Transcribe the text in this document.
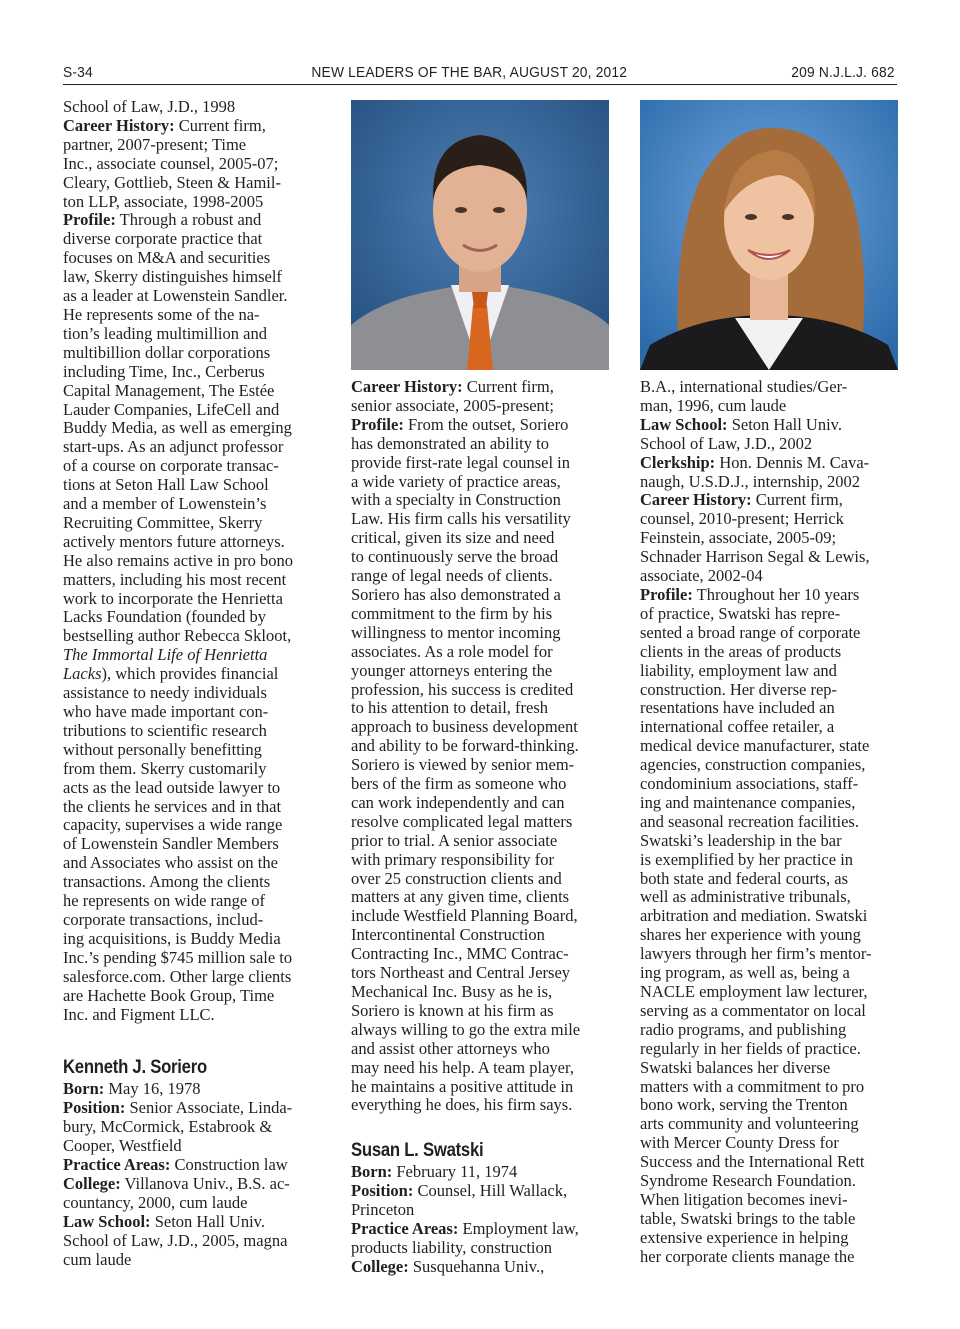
S-34	NEW LEADERS OF THE BAR, AUGUST 20, 2012	209 N.J.L.J. 682

School of Law, J.D., 1998

Career History: Current firm,

partner, 2007-present; Time

Inc., associate counsel, 2005-07;

Cleary, Gottlieb, Steen & Hamil-

ton LLP, associate, 1998-2005

Profile: Through a robust and

diverse corporate practice that

focuses on M&A and securities

law, Skerry distinguishes himself

as a leader at Lowenstein Sandler.

He represents some of the na-

tion’s leading multimillion and

multibillion dollar corporations

including Time, Inc., Cerberus

Capital Management, The Estée

Lauder Companies, LifeCell and

Buddy Media, as well as emerging

start-ups. As an adjunct professor

of a course on corporate transac-

tions at Seton Hall Law School

and a member of Lowenstein’s

Recruiting Committee, Skerry

actively mentors future attorneys.

He also remains active in pro bono

matters, including his most recent

work to incorporate the Henrietta

Lacks Foundation (founded by

bestselling author Rebecca Skloot,

The Immortal Life of Henrietta

Lacks), which provides financial

assistance to needy individuals

who have made important con-

tributions to scientific research

without personally benefitting

from them. Skerry customarily

acts as the lead outside lawyer to

the clients he services and in that

capacity, supervises a wide range

of Lowenstein Sandler Members

and Associates who assist on the

transactions. Among the clients

he represents on wide range of

corporate transactions, includ-

ing acquisitions, is Buddy Media

Inc.’s pending $745 million sale to

salesforce.com. Other large clients

are Hachette Book Group, Time

Inc. and Figment LLC.

Kenneth J. Soriero

Born: May 16, 1978

Position: Senior Associate, Linda-

bury, McCormick, Estabrook &

Cooper, Westfield

Practice Areas: Construction law

College: Villanova Univ., B.S. ac-

countancy, 2000, cum laude

Law School: Seton Hall Univ.

School of Law, J.D., 2005, magna

cum laude

Career History: Current firm,

senior associate, 2005-present;

Profile: From the outset, Soriero

has demonstrated an ability to

provide first-rate legal counsel in

a wide variety of practice areas,

with a specialty in Construction

Law. His firm calls his versatility

critical, given its size and need

to continuously serve the broad

range of legal needs of clients.

Soriero has also demonstrated a

commitment to the firm by his

willingness to mentor incoming

associates. As a role model for

younger attorneys entering the

profession, his success is credited

to his attention to detail, fresh

approach to business development

and ability to be forward-thinking.

Soriero is viewed by senior mem-

bers of the firm as someone who

can work independently and can

resolve complicated legal matters

prior to trial. A senior associate

with primary responsibility for

over 25 construction clients and

matters at any given time, clients

include Westfield Planning Board,

Intercontinental Construction

Contracting Inc., MMC Contrac-

tors Northeast and Central Jersey

Mechanical Inc. Busy as he is,

Soriero is known at his firm as

always willing to go the extra mile

and assist other attorneys who

may need his help. A team player,

he maintains a positive attitude in

everything he does, his firm says.

Susan L. Swatski

Born: February 11, 1974

Position: Counsel, Hill Wallack,

Princeton

Practice Areas: Employment law,

products liability, construction

College: Susquehanna Univ.,

B.A., international studies/Ger-

man, 1996, cum laude

Law School: Seton Hall Univ.

School of Law, J.D., 2002

Clerkship: Hon. Dennis M. Cava-

naugh, U.S.D.J., internship, 2002

Career History: Current firm,

counsel, 2010-present; Herrick

Feinstein, associate, 2005-09;

Schnader Harrison Segal & Lewis,

associate, 2002-04

Profile: Throughout her 10 years

of practice, Swatski has repre-

sented a broad range of corporate

clients in the areas of products

liability, employment law and

construction. Her diverse rep-

resentations have included an

international coffee retailer, a

medical device manufacturer, state

agencies, construction companies,

condominium associations, staff-

ing and maintenance companies,

and seasonal recreation facilities.

Swatski’s leadership in the bar

is exemplified by her practice in

both state and federal courts, as

well as administrative tribunals,

arbitration and mediation. Swatski

shares her experience with young

lawyers through her firm’s mentor-

ing program, as well as, being a

NACLE employment law lecturer,

serving as a commentator on local

radio programs, and publishing

regularly in her fields of practice.

Swatski balances her diverse

matters with a commitment to pro

bono work, serving the Trenton

arts community and volunteering

with Mercer County Dress for

Success and the International Rett

Syndrome Research Foundation.

When litigation becomes inevi-

table, Swatski brings to the table

extensive experience in helping

her corporate clients manage the
